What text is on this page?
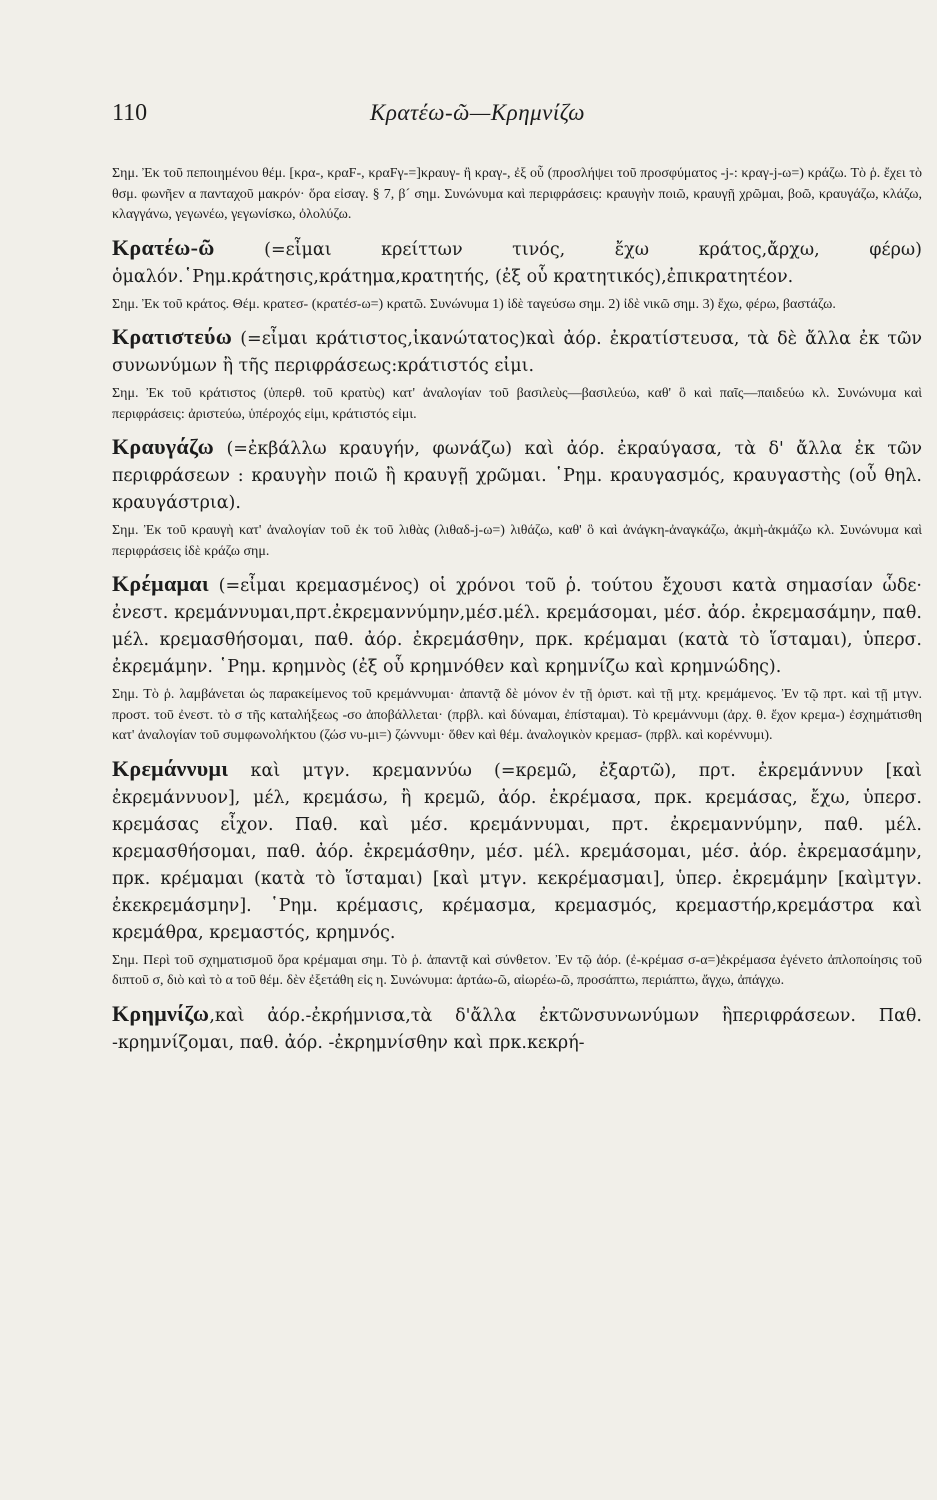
110	Κρατέω-ῶ—Κρημνίζω
Σημ. Ἐκ τοῦ πεποιημένου θέμ. [κρα-, κραF-, κραFγ-=]κραυγ- ἢ κραγ-, ἐξ οὗ (προσλήψει τοῦ προσφύματος -j-: κραγ-j-ω=) κράζω. Τὸ ῥ. ἔχει τὸ θσμ. φωνῆεν α πανταχοῦ μακρόν· ὅρα εἰσαγ. § 7, β´ σημ. Συνώνυμα καὶ περιφράσεις: κραυγὴν ποιῶ, κραυγῇ χρῶμαι, βοῶ, κραυγάζω, κλάζω, κλαγγάνω, γεγωνέω, γεγωνίσκω, ὀλολύζω.
Κρατέω-ῶ (=εἶμαι κρείττων τινός, ἔχω κράτος,ἄρχω, φέρω) ὁμαλόν.῾Ρημ.κράτησις,κράτημα,κρατητής, (ἐξ οὗ κρατητικός),ἐπικρατητέον.
Σημ. Ἐκ τοῦ κράτος. Θέμ. κρατεσ- (κρατέσ-ω=) κρατῶ. Συνώνυμα 1) ἰδὲ ταγεύσω σημ. 2) ἰδὲ νικῶ σημ. 3) ἔχω, φέρω, βαστάζω.
Κρατιστεύω (=εἶμαι κράτιστος,ἱκανώτατος)καὶ ἀόρ. ἐκρατίστευσα, τὰ δὲ ἄλλα ἐκ τῶν συνωνύμων ἢ τῆς περιφράσεως:κράτιστός εἰμι.
Σημ. Ἐκ τοῦ κράτιστος (ὑπερθ. τοῦ κρατὺς) κατ' ἀναλογίαν τοῦ βασιλεὺς—βασιλεύω, καθ' ὃ καὶ παῖς—παιδεύω κλ. Συνώνυμα καὶ περιφράσεις: ἀριστεύω, ὑπέροχός εἰμι, κράτιστός εἰμι.
Κραυγάζω (=ἐκβάλλω κραυγήν, φωνάζω) καὶ ἀόρ. ἐκραύγασα, τὰ δ' ἄλλα ἐκ τῶν περιφράσεων : κραυγὴν ποιῶ ἢ κραυγῇ χρῶμαι. ῾Ρημ. κραυγασμός, κραυγαστὴς (οὗ θηλ. κραυγάστρια).
Σημ. Ἐκ τοῦ κραυγὴ κατ' ἀναλογίαν τοῦ ἐκ τοῦ λιθὰς (λιθαδ-j-ω=) λιθάζω, καθ' ὃ καὶ ἀνάγκη-ἀναγκάζω, ἀκμὴ-ἀκμάζω κλ. Συνώνυμα καὶ περιφράσεις ἰδὲ κράζω σημ.
Κρέμαμαι (=εἶμαι κρεμασμένος) οἱ χρόνοι τοῦ ῥ. τούτου ἔχουσι κατὰ σημασίαν ὧδε· ἐνεστ. κρεμάννυμαι,πρτ.ἐκρεμαννύμην,μέσ.μέλ. κρεμάσομαι, μέσ. ἀόρ. ἐκρεμασάμην, παθ. μέλ. κρεμασθήσομαι, παθ. ἀόρ. ἐκρεμάσθην, πρκ. κρέμαμαι (κατὰ τὸ ἵσταμαι), ὑπερσ. ἐκρεμάμην. ῾Ρημ. κρημνὸς (ἐξ οὗ κρημνόθεν καὶ κρημνίζω καὶ κρημνώδης).
Σημ. Τὸ ῥ. λαμβάνεται ὡς παρακείμενος τοῦ κρεμάννυμαι· ἀπαντᾷ δὲ μόνον ἐν τῇ ὁριστ. καὶ τῇ μτχ. κρεμάμενος. Ἐν τῷ πρτ. καὶ τῇ μτγν. προστ. τοῦ ἐνεστ. τὸ σ τῆς καταλήξεως -σο ἀποβάλλεται· (πρβλ. καὶ δύναμαι, ἐπίσταμαι). Τὸ κρεμάννυμι (ἀρχ. θ. ἔχον κρεμα-) ἐσχημάτισθη κατ' ἀναλογίαν τοῦ συμφωνολήκτου (ζώσ νυ-μι=) ζώννυμι· ὅθεν καὶ θέμ. ἀναλογικὸν κρεμασ- (πρβλ. καὶ κορέννυμι).
Κρεμάννυμι καὶ μτγν. κρεμαννύω (=κρεμῶ, ἐξαρτῶ), πρτ. ἐκρεμάννυν [καὶ ἐκρεμάννυον], μέλ, κρεμάσω, ἢ κρεμῶ, ἀόρ. ἐκρέμασα, πρκ. κρεμάσας, ἔχω, ὑπερσ. κρεμάσας εἶχον. Παθ. καὶ μέσ. κρεμάννυμαι, πρτ. ἐκρεμαννύμην, παθ. μέλ. κρεμασθήσομαι, παθ. ἀόρ. ἐκρεμάσθην, μέσ. μέλ. κρεμάσομαι, μέσ. ἀόρ. ἐκρεμασάμην, πρκ. κρέμαμαι (κατὰ τὸ ἵσταμαι) [καὶ μτγν. κεκρέμασμαι], ὑπερ. ἐκρεμάμην [καὶμτγν. ἐκεκρεμάσμην]. ῾Ρημ. κρέμασις, κρέμασμα, κρεμασμός, κρεμαστήρ,κρεμάστρα καὶ κρεμάθρα, κρεμαστός, κρημνός.
Σημ. Περὶ τοῦ σχηματισμοῦ ὅρα κρέμαμαι σημ. Τὸ ῥ. ἀπαντᾷ καὶ σύνθετον. Ἐν τῷ ἀόρ. (ἐ-κρέμασ σ-α=)ἐκρέμασα ἐγένετο ἀπλοποίησις τοῦ διπτοῦ σ, διὸ καὶ τὸ α τοῦ θέμ. δὲν ἐξετάθη εἰς η. Συνώνυμα: ἀρτάω-ῶ, αἰωρέω-ῶ, προσάπτω, περιάπτω, ἄγχω, ἀπάγχω.
Κρημνίζω,καὶ ἀόρ.-ἐκρήμνισα,τὰ δ'ἄλλα ἐκτῶνσυνωνύμων ἢπεριφράσεων. Παθ. -κρημνίζομαι, παθ. ἀόρ. -ἐκρημνίσθην καὶ πρκ.κεκρή-
